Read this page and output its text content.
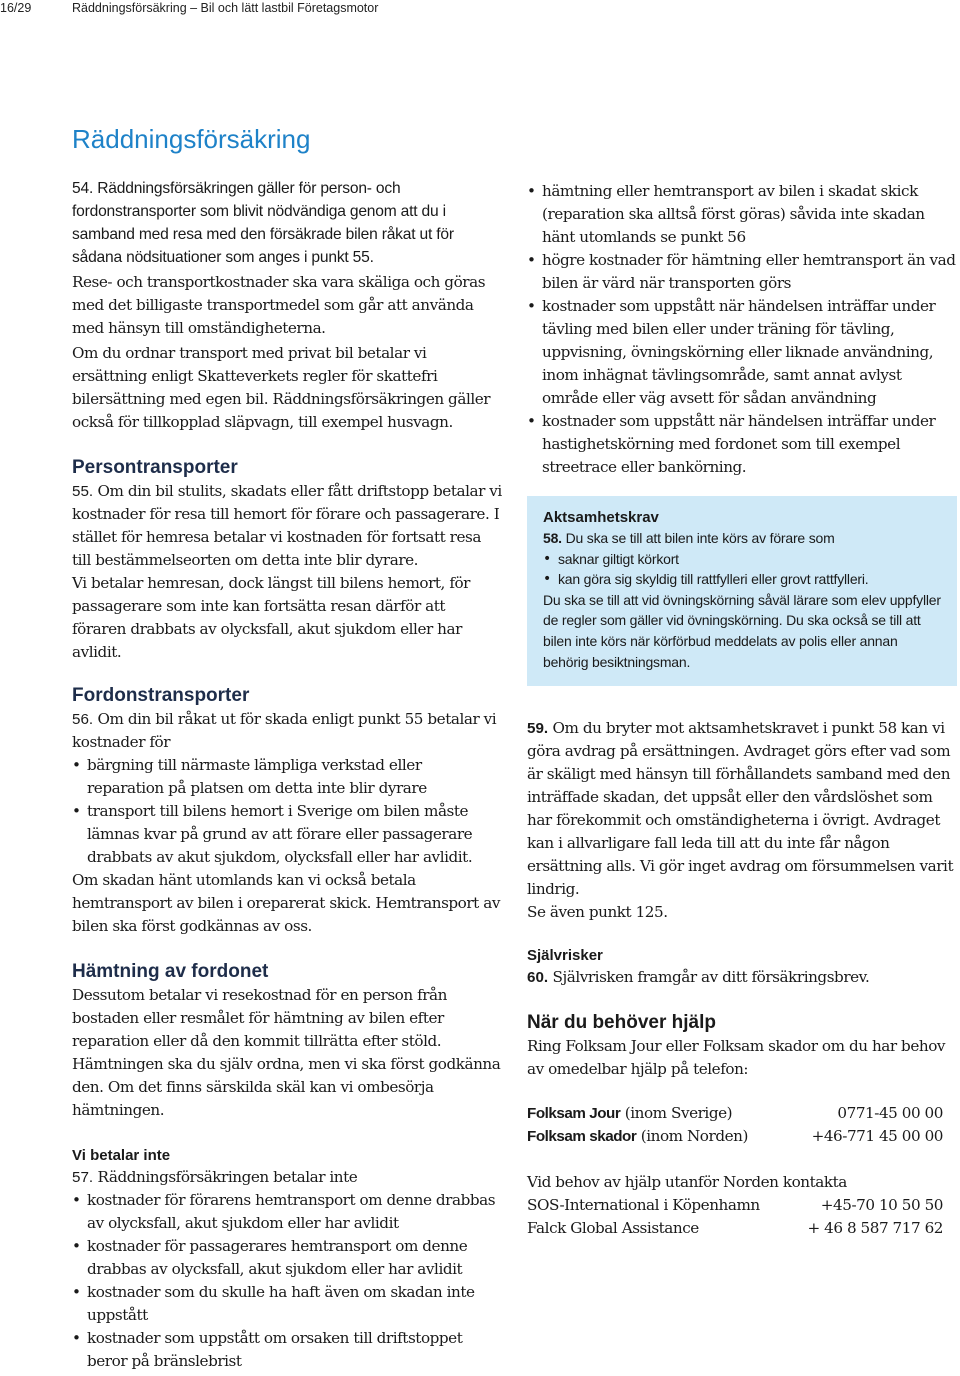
16/29	Räddningsförsäkring – Bil och lätt lastbil Företagsmotor
Räddningsförsäkring

54. Räddningsförsäkringen gäller för person- och fordonstransporter som blivit nödvändiga genom att du i samband med resa med den försäkrade bilen råkat ut för sådana nödsituationer som anges i punkt 55.

Rese- och transportkostnader ska vara skäliga och göras med det billigaste transportmedel som går att använda med hänsyn till omständigheterna.

Om du ordnar transport med privat bil betalar vi ersättning enligt Skatteverkets regler för skattefri bilersättning med egen bil. Räddningsförsäkringen gäller också för tillkopplad släpvagn, till exempel husvagn.

Persontransporter

55. Om din bil stulits, skadats eller fått driftstopp betalar vi kostnader för resa till hemort för förare och passagerare. I stället för hemresa betalar vi kostnaden för fortsatt resa till bestämmelseorten om detta inte blir dyrare.

Vi betalar hemresan, dock längst till bilens hemort, för passagerare som inte kan fortsätta resan därför att föraren drabbats av olycksfall, akut sjukdom eller har avlidit.

Fordonstransporter

56. Om din bil råkat ut för skada enligt punkt 55 betalar vi kostnader för

• bärgning till närmaste lämpliga verkstad eller reparation på platsen om detta inte blir dyrare
• transport till bilens hemort i Sverige om bilen måste lämnas kvar på grund av att förare eller passagerare drabbats av akut sjukdom, olycksfall eller har avlidit.

Om skadan hänt utomlands kan vi också betala hemtransport av bilen i oreparerat skick. Hemtransport av bilen ska först godkännas av oss.

Hämtning av fordonet

Dessutom betalar vi resekostnad för en person från bostaden eller resmålet för hämtning av bilen efter reparation eller då den kommit tillrätta efter stöld. Hämtningen ska du själv ordna, men vi ska först godkänna den. Om det finns särskilda skäl kan vi ombesörja hämtningen.

Vi betalar inte

57. Räddningsförsäkringen betalar inte

• kostnader för förarens hemtransport om denne drabbas av olycksfall, akut sjukdom eller har avlidit
• kostnader för passagerares hemtransport om denne drabbas av olycksfall, akut sjukdom eller har avlidit
• kostnader som du skulle ha haft även om skadan inte uppstått
• kostnader som uppstått om orsaken till driftstoppet beror på bränslebrist
• hämtning eller hemtransport av bilen i skadat skick (reparation ska alltså först göras) såvida inte skadan hänt utomlands se punkt 56
• högre kostnader för hämtning eller hemtransport än vad bilen är värd när transporten görs
• kostnader som uppstått när händelsen inträffar under tävling med bilen eller under träning för tävling, uppvisning, övningskörning eller liknade användning, inom inhägnat tävlingsområde, samt annat avlyst område eller väg avsett för sådan användning
• kostnader som uppstått när händelsen inträffar under hastighetskörning med fordonet som till exempel streetrace eller bankörning.
Aktsamhetskrav
58. Du ska se till att bilen inte körs av förare som
• saknar giltigt körkort
• kan göra sig skyldig till rattfylleri eller grovt rattfylleri.
Du ska se till att vid övningskörning såväl lärare som elev uppfyller de regler som gäller vid övningskörning. Du ska också se till att bilen inte körs när körförbud meddelats av polis eller annan behörig besiktningsman.

59. Om du bryter mot aktsamhetskravet i punkt 58 kan vi göra avdrag på ersättningen. Avdraget görs efter vad som är skäligt med hänsyn till förhållandets samband med den inträffade skadan, det uppsåt eller den vårdslöshet som har förekommit och omständigheterna i övrigt. Avdraget kan i allvarligare fall leda till att du inte får någon ersättning alls. Vi gör inget avdrag om försummelsen varit lindrig.

Se även punkt 125.

Självrisker

60. Självrisken framgår av ditt försäkringsbrev.

När du behöver hjälp

Ring Folksam Jour eller Folksam skador om du har behov av omedelbar hjälp på telefon:

Folksam Jour (inom Sverige)	0771-45 00 00
Folksam skador (inom Norden)	+46-771 45 00 00

Vid behov av hjälp utanför Norden kontakta

SOS-International i Köpenhamn	+45-70 10 50 50
Falck Global Assistance	+ 46 8 587 717 62
